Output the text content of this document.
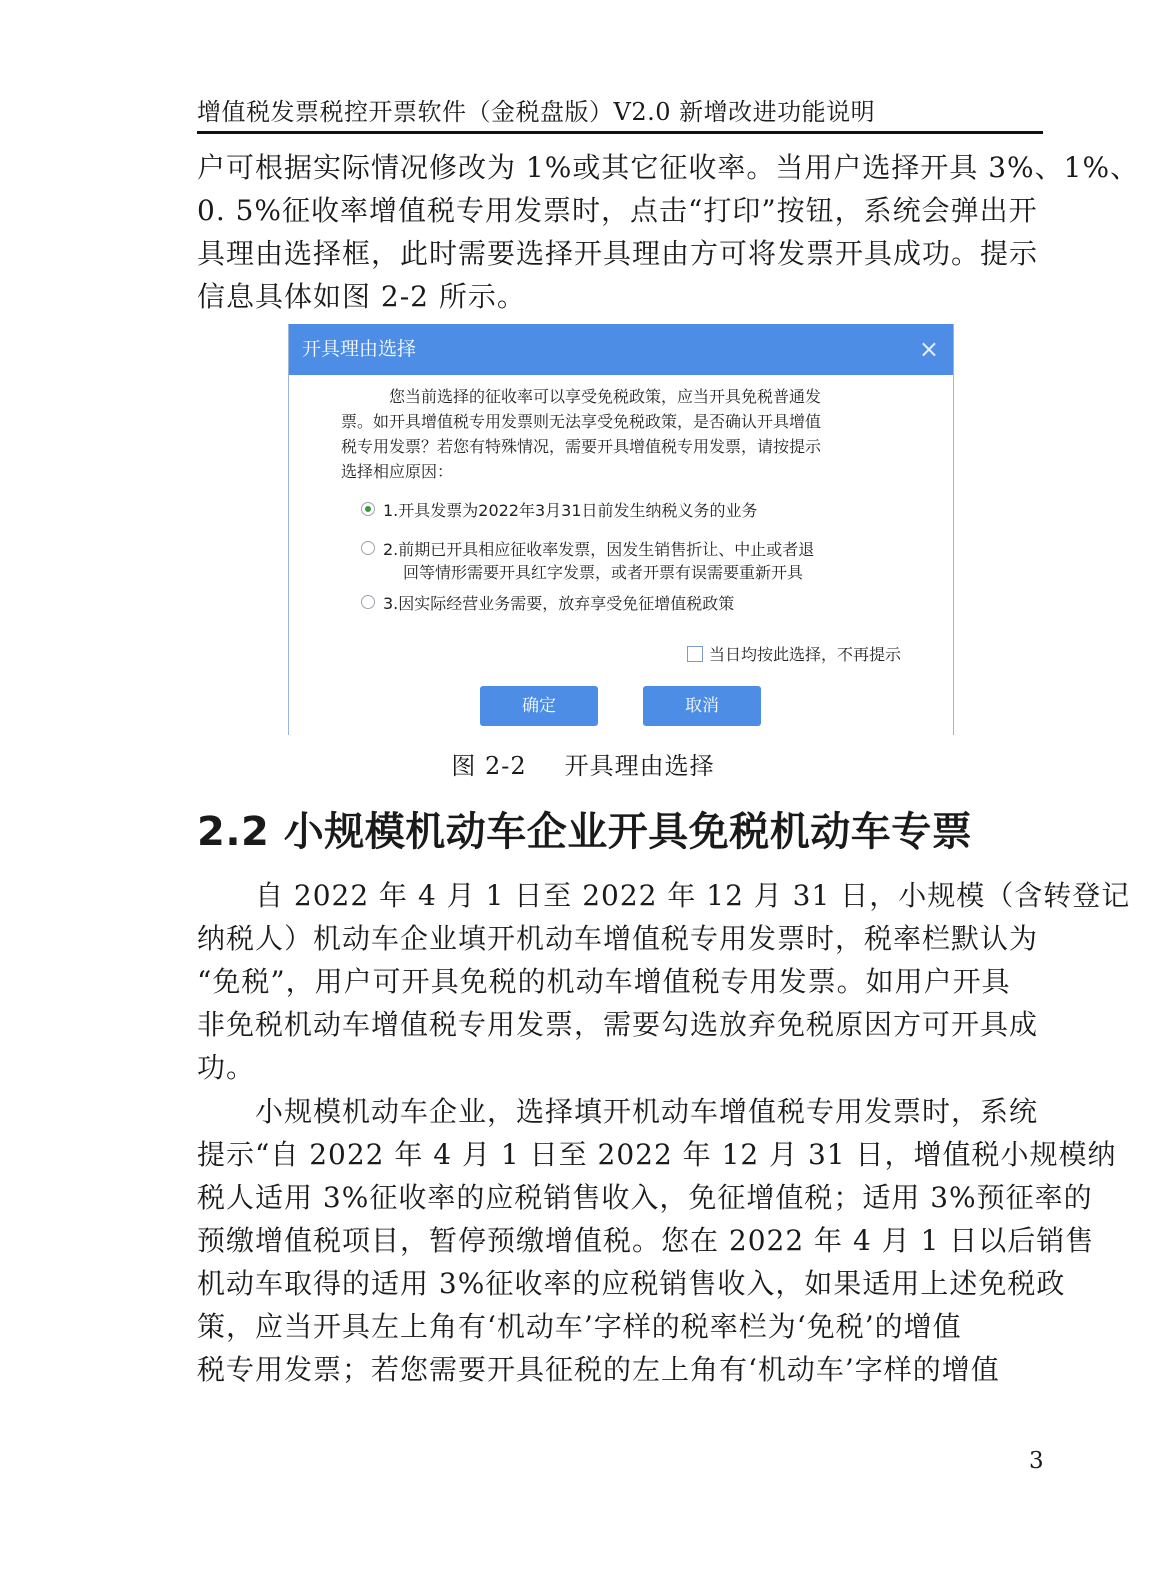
增值税发票税控开票软件（金税盘版）V2.0 新增改进功能说明
户可根据实际情况修改为 1%或其它征收率。当用户选择开具 3%、1%、
0. 5%征收率增值税专用发票时，点击“打印”按钮，系统会弹出开
具理由选择框，此时需要选择开具理由方可将发票开具成功。提示
信息具体如图 2-2 所示。
开具理由选择	×
　　　您当前选择的征收率可以享受免税政策，应当开具免税普通发
票。如开具增值税专用发票则无法享受免税政策，是否确认开具增值
税专用发票？若您有特殊情况，需要开具增值税专用发票，请按提示
选择相应原因：
1.开具发票为2022年3月31日前发生纳税义务的业务
2.前期已开具相应征收率发票，因发生销售折让、中止或者退
回等情形需要开具红字发票，或者开票有误需要重新开具
3.因实际经营业务需要，放弃享受免征增值税政策
当日均按此选择，不再提示
确定	取消
图 2-2 开具理由选择
2.2 小规模机动车企业开具免税机动车专票
　　自 2022 年 4 月 1 日至 2022 年 12 月 31 日，小规模（含转登记
纳税人）机动车企业填开机动车增值税专用发票时，税率栏默认为
“免税”，用户可开具免税的机动车增值税专用发票。如用户开具
非免税机动车增值税专用发票，需要勾选放弃免税原因方可开具成
功。
　　小规模机动车企业，选择填开机动车增值税专用发票时，系统
提示“自 2022 年 4 月 1 日至 2022 年 12 月 31 日，增值税小规模纳
税人适用 3%征收率的应税销售收入，免征增值税；适用 3%预征率的
预缴增值税项目，暂停预缴增值税。您在 2022 年 4 月 1 日以后销售
机动车取得的适用 3%征收率的应税销售收入，如果适用上述免税政
策，应当开具左上角有‘机动车’字样的税率栏为‘免税’的增值
税专用发票；若您需要开具征税的左上角有‘机动车’字样的增值
3
